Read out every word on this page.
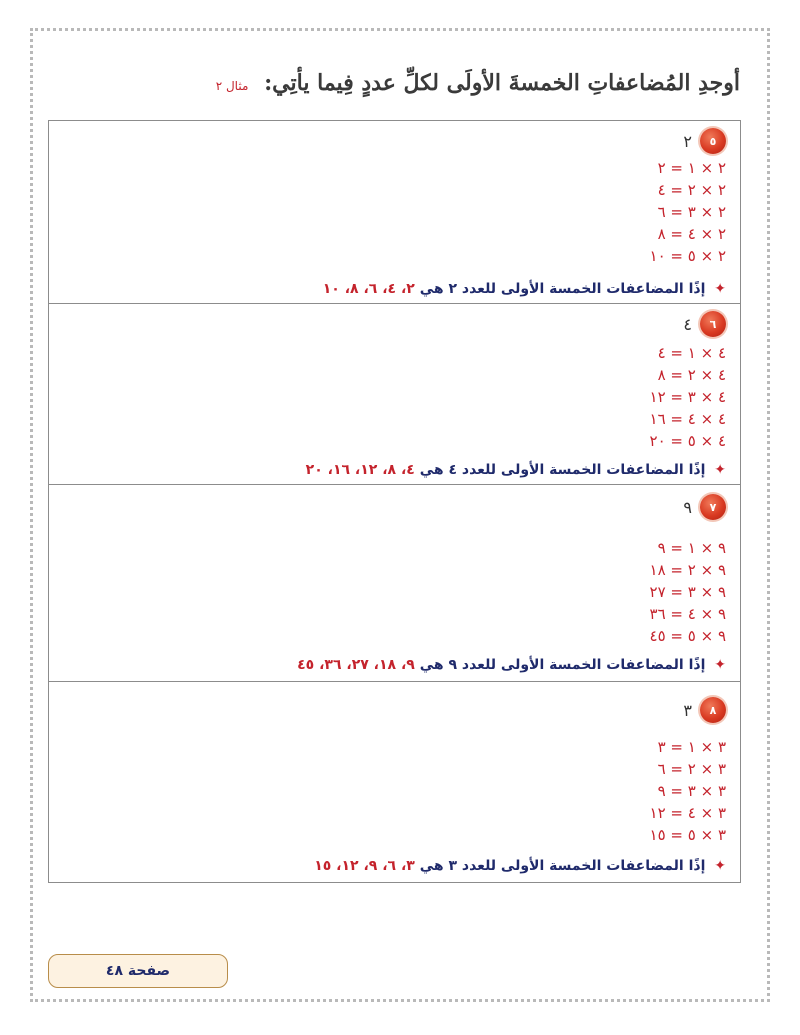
أوجدِ المُضاعفاتِ الخمسةَ الأولَى لكلِّ عددٍ فِيما يأتِي: مثال ٢
٥
٢
٢ × ١ = ٢
٢ × ٢ = ٤
٢ × ٣ = ٦
٢ × ٤ = ٨
٢ × ٥ = ١٠
✦ إذًا المضاعفات الخمسة الأولى للعدد ٢ هي ٢، ٤، ٦، ٨، ١٠
٦
٤
٤ × ١ = ٤
٤ × ٢ = ٨
٤ × ٣ = ١٢
٤ × ٤ = ١٦
٤ × ٥ = ٢٠
✦ إذًا المضاعفات الخمسة الأولى للعدد ٤ هي ٤، ٨، ١٢، ١٦، ٢٠
٧
٩
٩ × ١ = ٩
٩ × ٢ = ١٨
٩ × ٣ = ٢٧
٩ × ٤ = ٣٦
٩ × ٥ = ٤٥
✦ إذًا المضاعفات الخمسة الأولى للعدد ٩ هي ٩، ١٨، ٢٧، ٣٦، ٤٥
٨
٣
٣ × ١ = ٣
٣ × ٢ = ٦
٣ × ٣ = ٩
٣ × ٤ = ١٢
٣ × ٥ = ١٥
✦ إذًا المضاعفات الخمسة الأولى للعدد ٣ هي ٣، ٦، ٩، ١٢، ١٥
صفحة ٤٨
